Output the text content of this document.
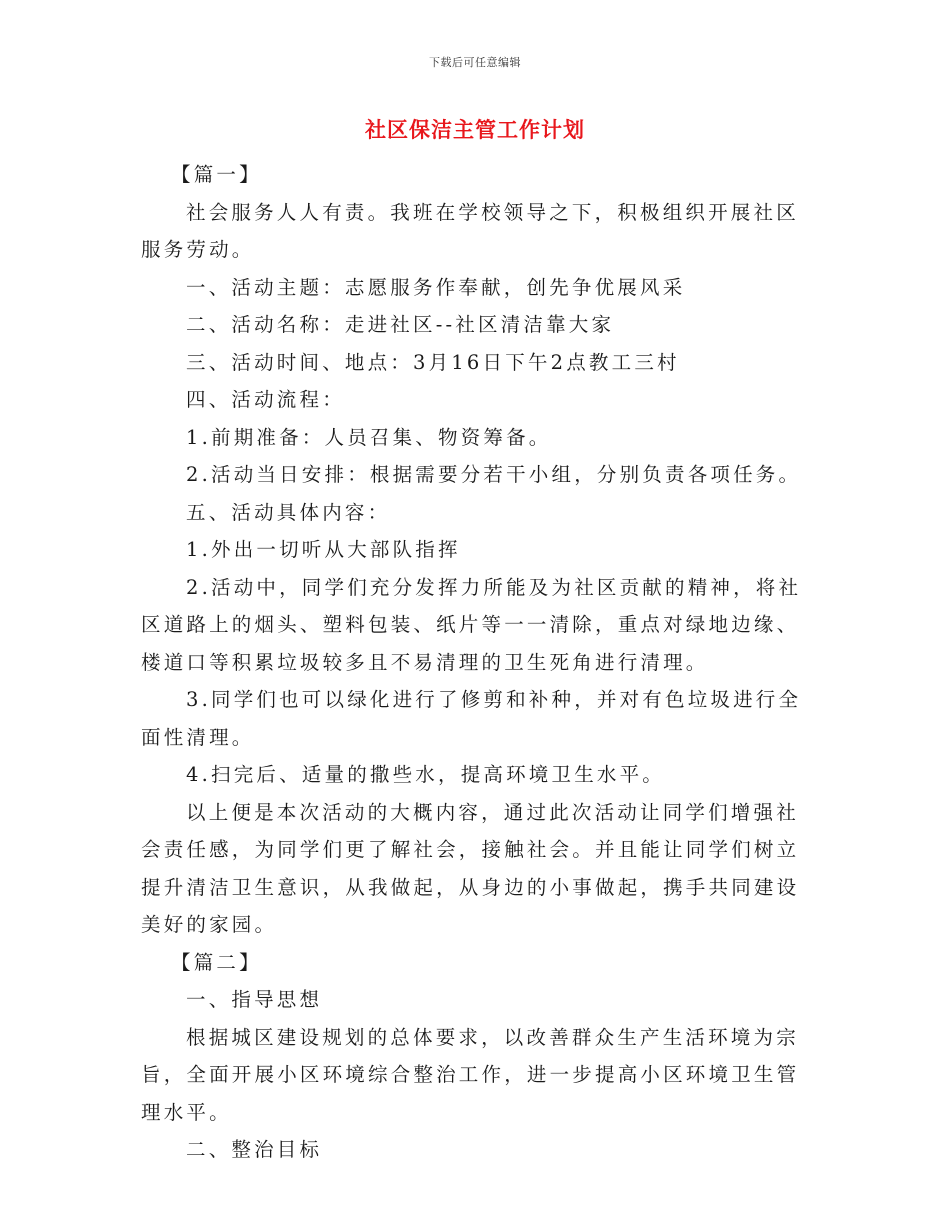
下载后可任意编辑
社区保洁主管工作计划

【篇一】

社会服务人人有责。我班在学校领导之下，积极组织开展社区服务劳动。

一、活动主题：志愿服务作奉献，创先争优展风采

二、活动名称：走进社区--社区清洁靠大家

三、活动时间、地点：3月16日下午2点教工三村

四、活动流程：

1.前期准备：人员召集、物资筹备。

2.活动当日安排：根据需要分若干小组，分别负责各项任务。

五、活动具体内容：

1.外出一切听从大部队指挥

2.活动中，同学们充分发挥力所能及为社区贡献的精神，将社区道路上的烟头、塑料包装、纸片等一一清除，重点对绿地边缘、楼道口等积累垃圾较多且不易清理的卫生死角进行清理。

3.同学们也可以绿化进行了修剪和补种，并对有色垃圾进行全面性清理。

4.扫完后、适量的撒些水，提高环境卫生水平。

以上便是本次活动的大概内容，通过此次活动让同学们增强社会责任感，为同学们更了解社会，接触社会。并且能让同学们树立提升清洁卫生意识，从我做起，从身边的小事做起，携手共同建设美好的家园。

【篇二】

一、指导思想

根据城区建设规划的总体要求，以改善群众生产生活环境为宗旨，全面开展小区环境综合整治工作，进一步提高小区环境卫生管理水平。

二、整治目标
